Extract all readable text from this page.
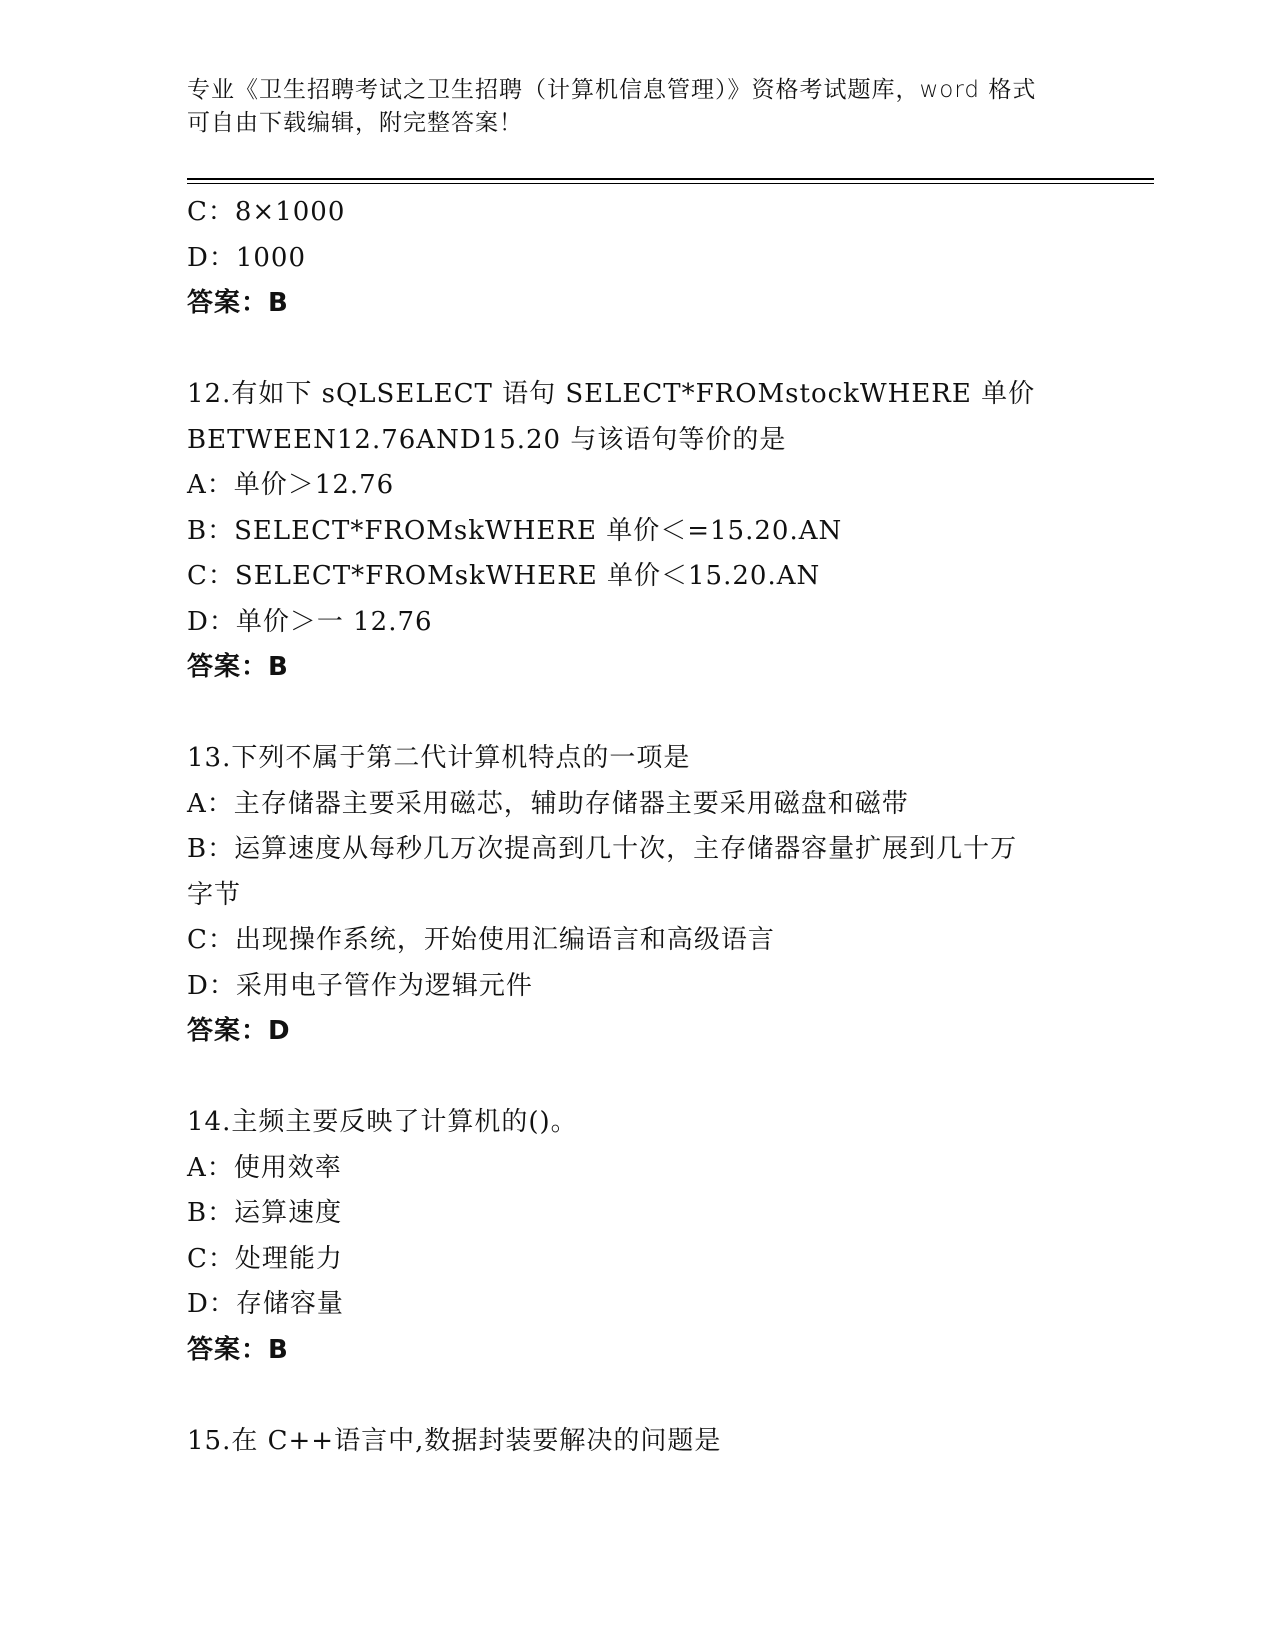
专业《卫生招聘考试之卫生招聘（计算机信息管理）》资格考试题库，word 格式
可自由下载编辑，附完整答案！
C：8×1000
D：1000
答案：B
12.有如下 sQLSELECT 语句 SELECT*FROMstockWHERE 单价
BETWEEN12.76AND15.20 与该语句等价的是
A：单价＞12.76
B：SELECT*FROMskWHERE 单价＜=15.20.AN
C：SELECT*FROMskWHERE 单价＜15.20.AN
D：单价＞一 12.76
答案：B
13.下列不属于第二代计算机特点的一项是
A：主存储器主要采用磁芯，辅助存储器主要采用磁盘和磁带
B：运算速度从每秒几万次提高到几十次，主存储器容量扩展到几十万
字节
C：出现操作系统，开始使用汇编语言和高级语言
D：采用电子管作为逻辑元件
答案：D
14.主频主要反映了计算机的()。
A：使用效率
B：运算速度
C：处理能力
D：存储容量
答案：B
15.在 C++语言中,数据封装要解决的问题是
